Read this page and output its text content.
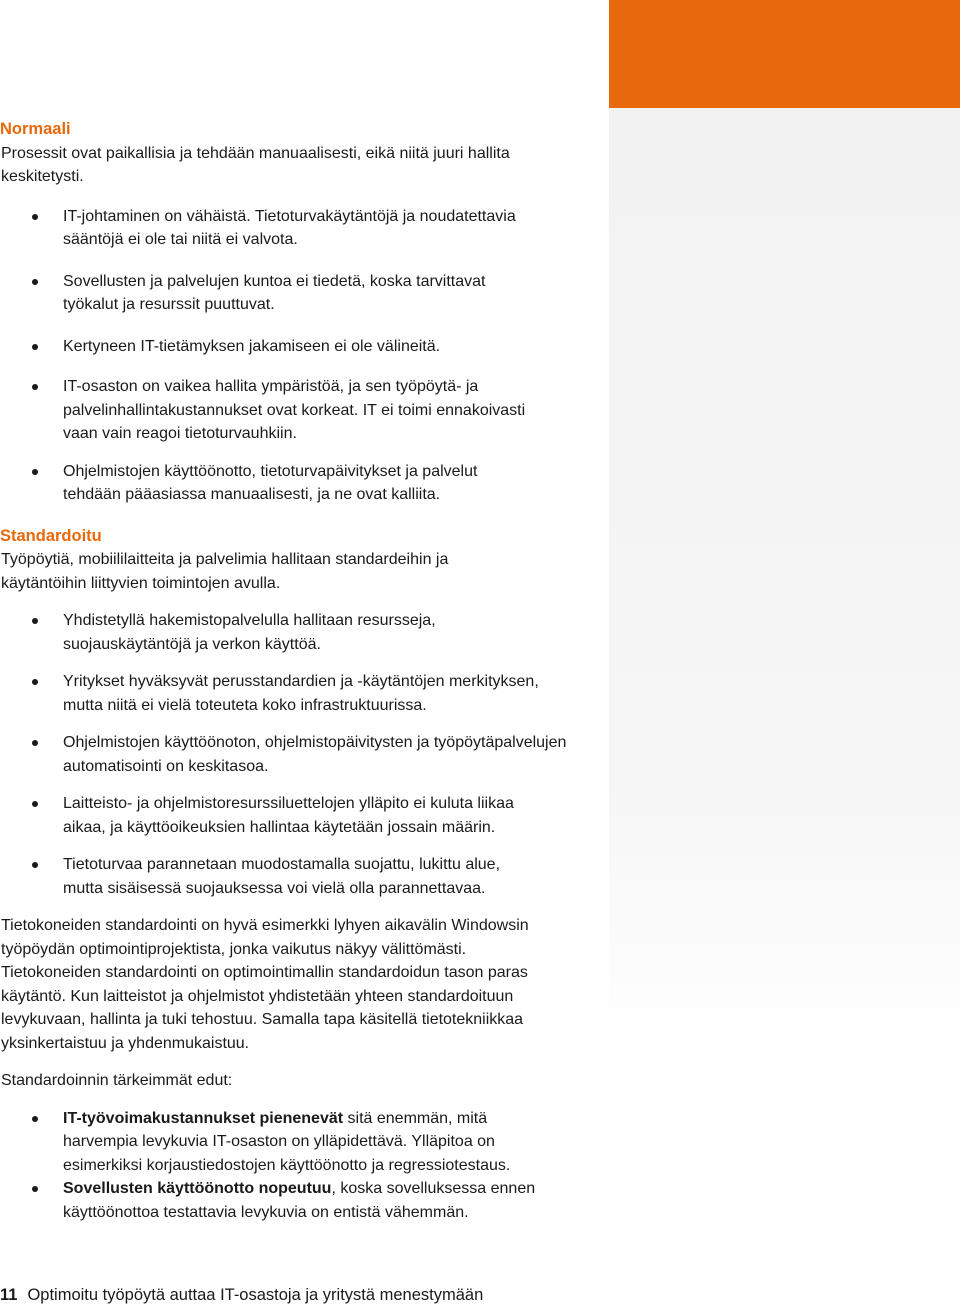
Normaali

Prosessit ovat paikallisia ja tehdään manuaalisesti, eikä niitä juuri hallita keskitetysti.

IT-johtaminen on vähäistä. Tietoturvakäytäntöjä ja noudatettavia sääntöjä ei ole tai niitä ei valvota.
Sovellusten ja palvelujen kuntoa ei tiedetä, koska tarvittavat työkalut ja resurssit puuttuvat.
Kertyneen IT-tietämyksen jakamiseen ei ole välineitä.
IT-osaston on vaikea hallita ympäristöä, ja sen työpöytä- ja palvelinhallintakustannukset ovat korkeat. IT ei toimi ennakoivasti vaan vain reagoi tietoturvauhkiin.
Ohjelmistojen käyttöönotto, tietoturvapäivitykset ja palvelut tehdään pääasiassa manuaalisesti, ja ne ovat kalliita.

Standardoitu

Työpöytiä, mobiililaitteita ja palvelimia hallitaan standardeihin ja käytäntöihin liittyvien toimintojen avulla.

Yhdistetyllä hakemistopalvelulla hallitaan resursseja, suojauskäytäntöjä ja verkon käyttöä.
Yritykset hyväksyvät perusstandardien ja -käytäntöjen merkityksen, mutta niitä ei vielä toteuteta koko infrastruktuurissa.
Ohjelmistojen käyttöönoton, ohjelmistopäivitysten ja työpöytäpalvelujen automatisointi on keskitasoa.
Laitteisto- ja ohjelmistoresurssiluettelojen ylläpito ei kuluta liikaa aikaa, ja käyttöoikeuksien hallintaa käytetään jossain määrin.
Tietoturvaa parannetaan muodostamalla suojattu, lukittu alue, mutta sisäisessä suojauksessa voi vielä olla parannettavaa.

Tietokoneiden standardointi on hyvä esimerkki lyhyen aikavälin Windowsin työpöydän optimointiprojektista, jonka vaikutus näkyy välittömästi. Tietokoneiden standardointi on optimointimallin standardoidun tason paras käytäntö. Kun laitteistot ja ohjelmistot yhdistetään yhteen standardoituun levykuvaan, hallinta ja tuki tehostuu. Samalla tapa käsitellä tietotekniikkaa yksinkertaistuu ja yhdenmukaistuu.

Standardoinnin tärkeimmät edut:

IT-työvoimakustannukset pienenevät sitä enemmän, mitä harvempia levykuvia IT-osaston on ylläpidettävä. Ylläpitoa on esimerkiksi korjaustiedostojen käyttöönotto ja regressiotestaus.
Sovellusten käyttöönotto nopeutuu, koska sovelluksessa ennen käyttöönottoa testattavia levykuvia on entistä vähemmän.
11 Optimoitu työpöytä auttaa IT-osastoja ja yritystä menestymään
